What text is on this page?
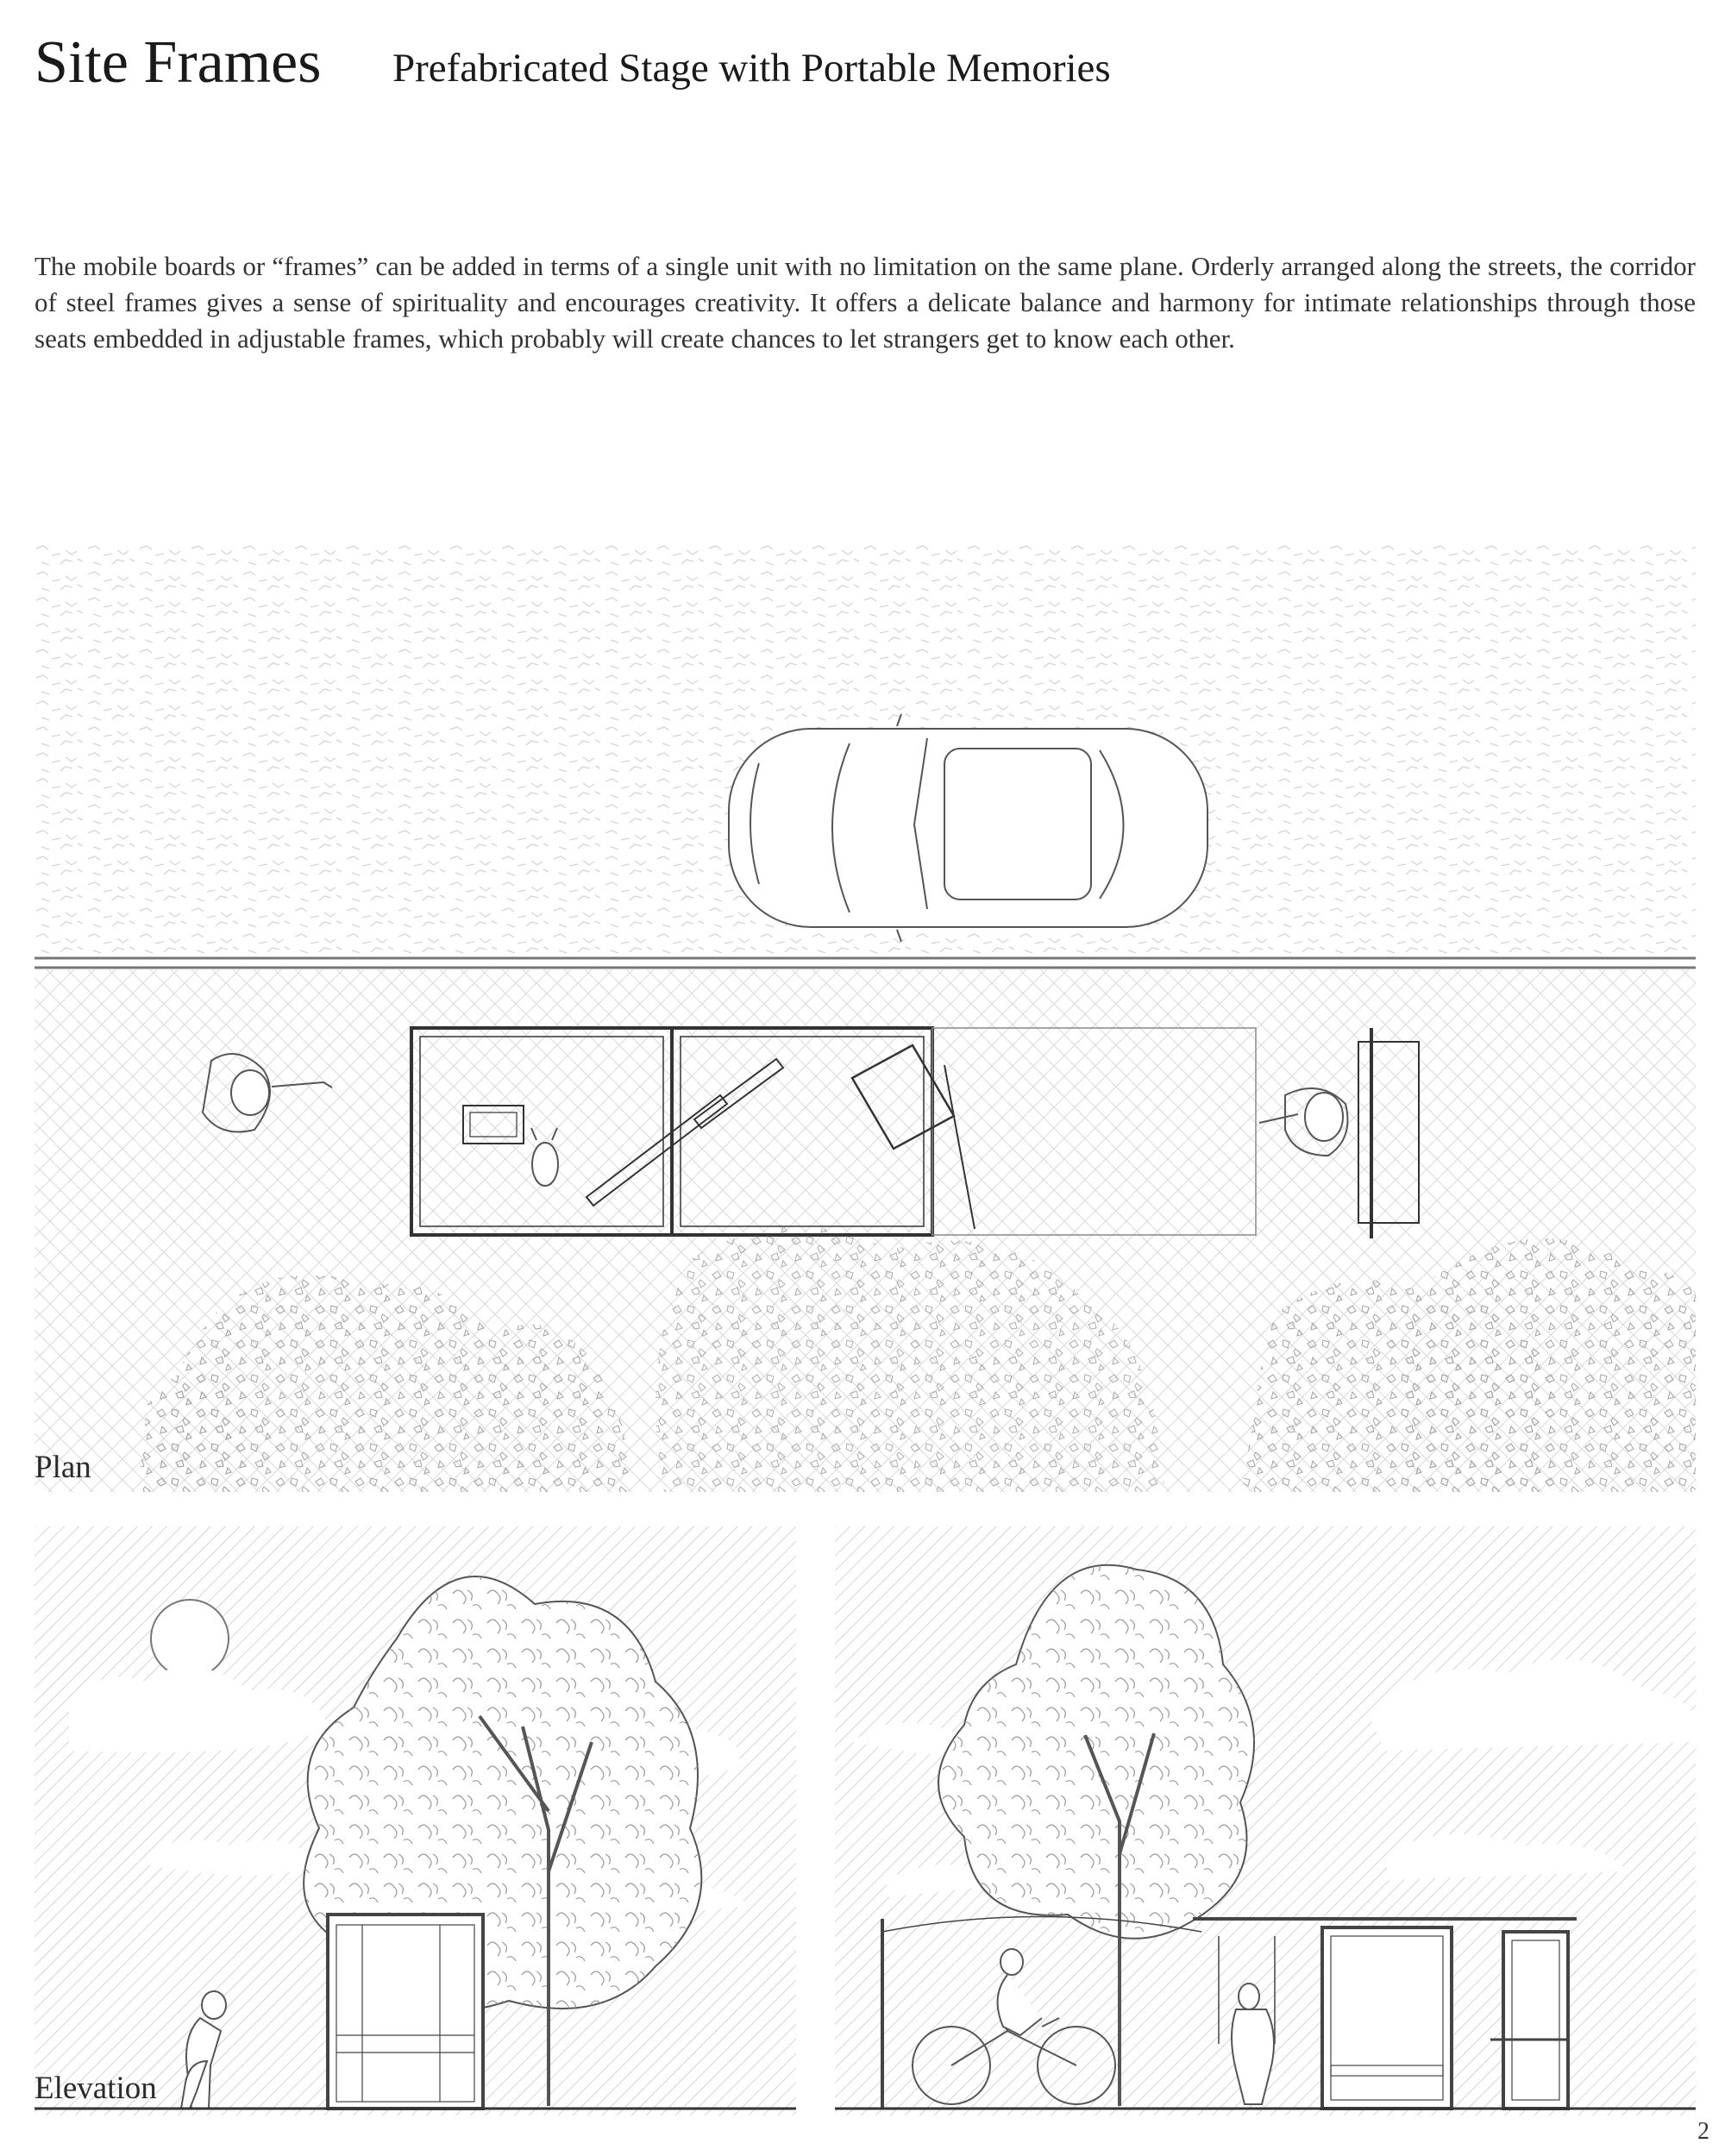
Site Frames Prefabricated Stage with Portable Memories
The mobile boards or “frames” can be added in terms of a single unit with no limitation on the same plane. Orderly arranged along the streets, the corridor of steel frames gives a sense of spirituality and encourages creativity. It offers a delicate balance and harmony for intimate relationships through those seats embedded in adjustable frames, which probably will create chances to let strangers get to know each other.
Plan
Elevation
2
